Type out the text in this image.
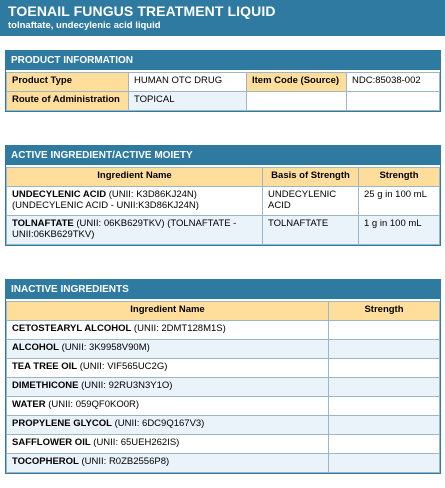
TOENAIL FUNGUS TREATMENT LIQUID
tolnaftate, undecylenic acid liquid
PRODUCT INFORMATION
Product Type	HUMAN OTC DRUG	Item Code (Source)	NDC:85038-002
Route of Administration	TOPICAL		
ACTIVE INGREDIENT/ACTIVE MOIETY
Ingredient Name	Basis of Strength	Strength
UNDECYLENIC ACID (UNII: K3D86KJ24N) (UNDECYLENIC ACID - UNII:K3D86KJ24N)	UNDECYLENIC ACID	25 g in 100 mL
TOLNAFTATE (UNII: 06KB629TKV) (TOLNAFTATE - UNII:06KB629TKV)	TOLNAFTATE	1 g in 100 mL
INACTIVE INGREDIENTS
Ingredient Name	Strength
CETOSTEARYL ALCOHOL (UNII: 2DMT128M1S)	
ALCOHOL (UNII: 3K9958V90M)	
TEA TREE OIL (UNII: VIF565UC2G)	
DIMETHICONE (UNII: 92RU3N3Y1O)	
WATER (UNII: 059QF0KO0R)	
PROPYLENE GLYCOL (UNII: 6DC9Q167V3)	
SAFFLOWER OIL (UNII: 65UEH262IS)	
TOCOPHEROL (UNII: R0ZB2556P8)	
